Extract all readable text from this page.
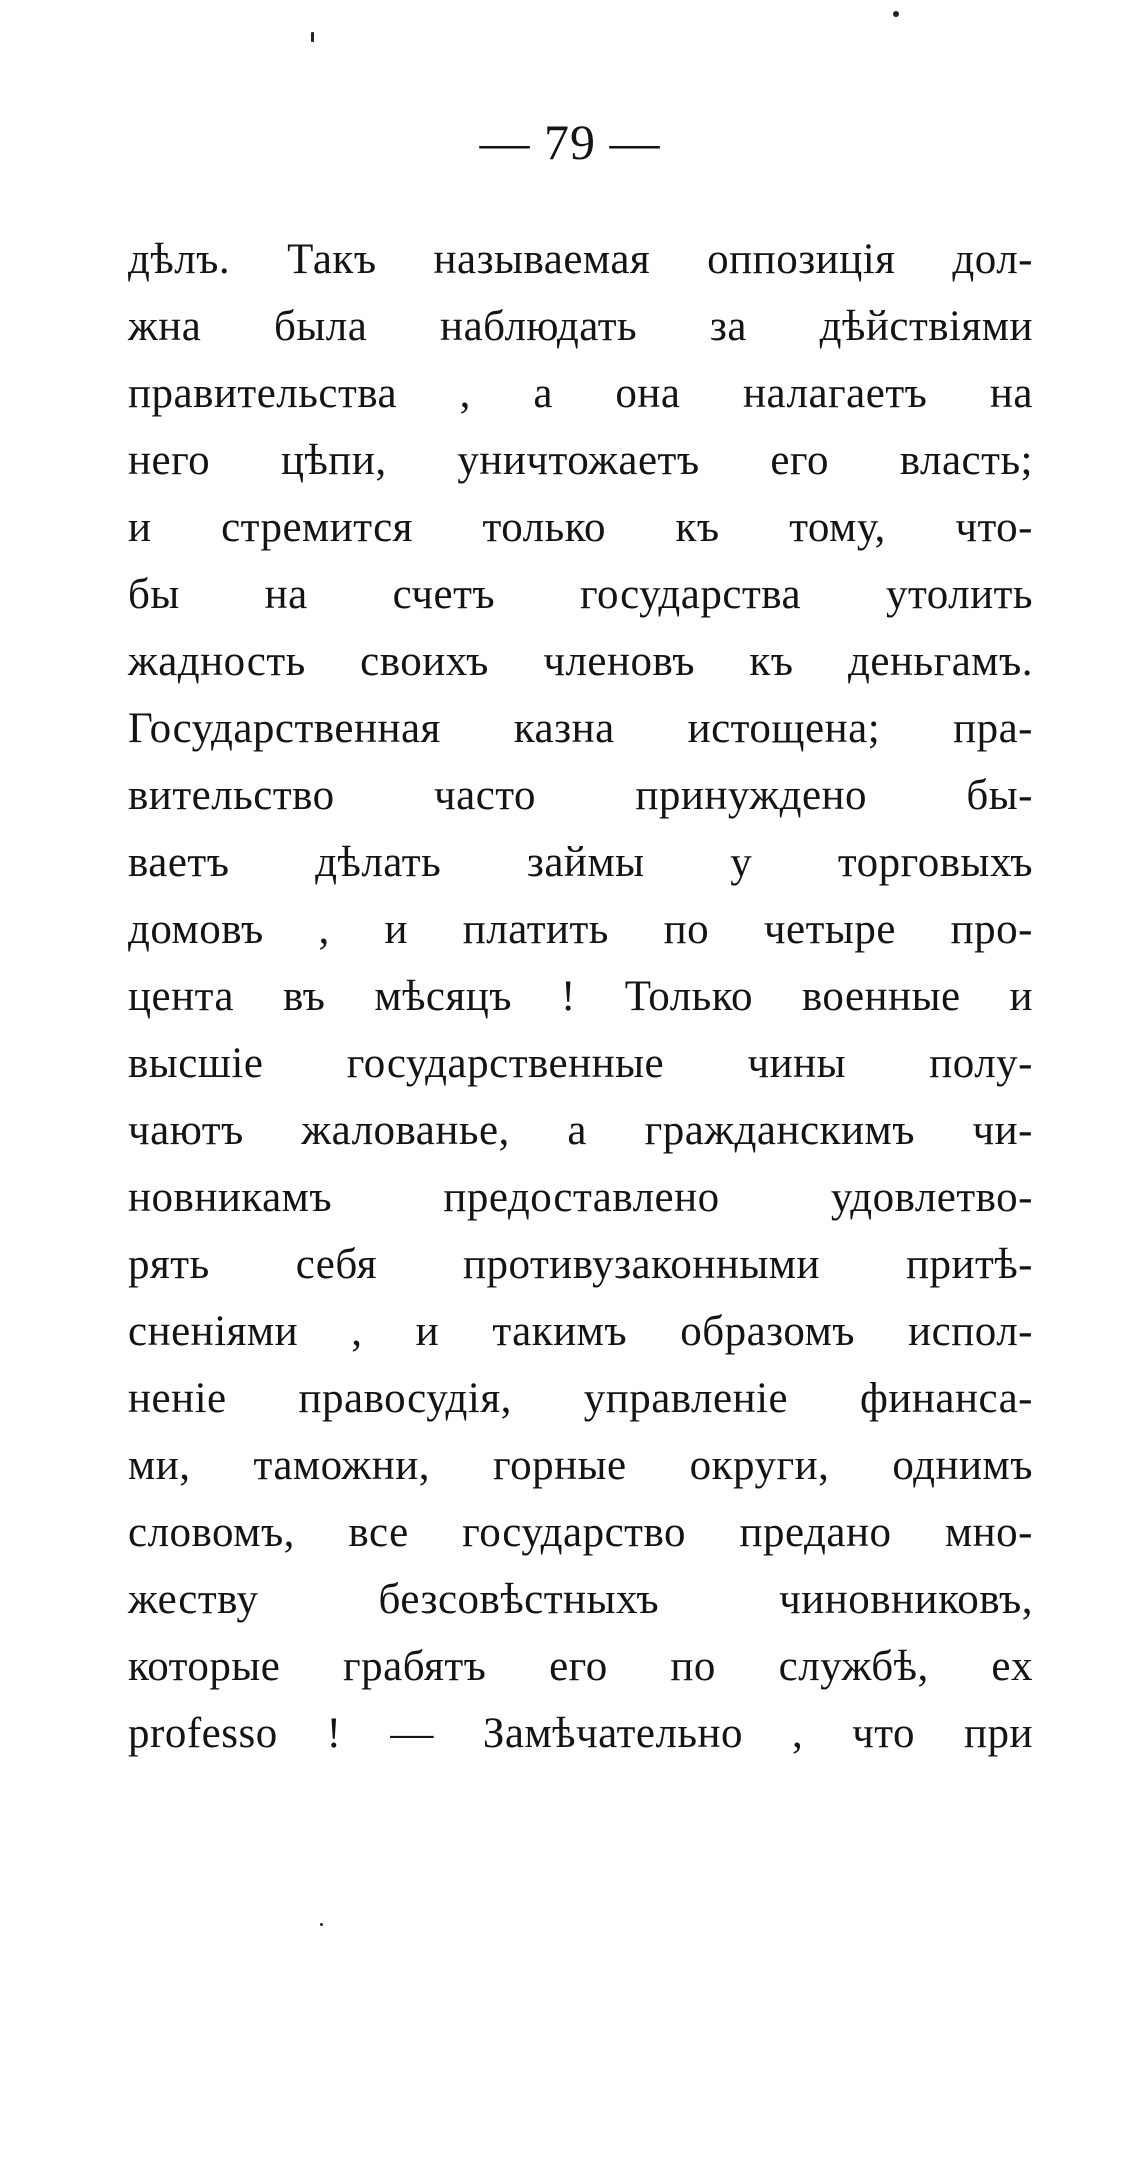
— 79 —
дѣлъ. Такъ называемая оппозиція дол-
жна была наблюдать за дѣйствіями
правительства , а она налагаетъ на
него цѣпи, уничтожаетъ его власть;
и стремится только къ тому, что-
бы на счетъ государства утолить
жадность своихъ членовъ къ деньгамъ.
Государственная казна истощена; пра-
вительство часто принуждено бы-
ваетъ дѣлать займы у торговыхъ
домовъ , и платить по четыре про-
цента въ мѣсяцъ ! Только военные и
высшіе государственные чины полу-
чаютъ жалованье, а гражданскимъ чи-
новникамъ предоставлено удовлетво-
рять себя противузаконными притѣ-
сненіями , и такимъ образомъ испол-
неніе правосудія, управленіе финанса-
ми, таможни, горные округи, однимъ
словомъ, все государство предано мно-
жеству безсовѣстныхъ чиновниковъ,
которые грабятъ его по службѣ, ex
professo ! — Замѣчательно , что при
